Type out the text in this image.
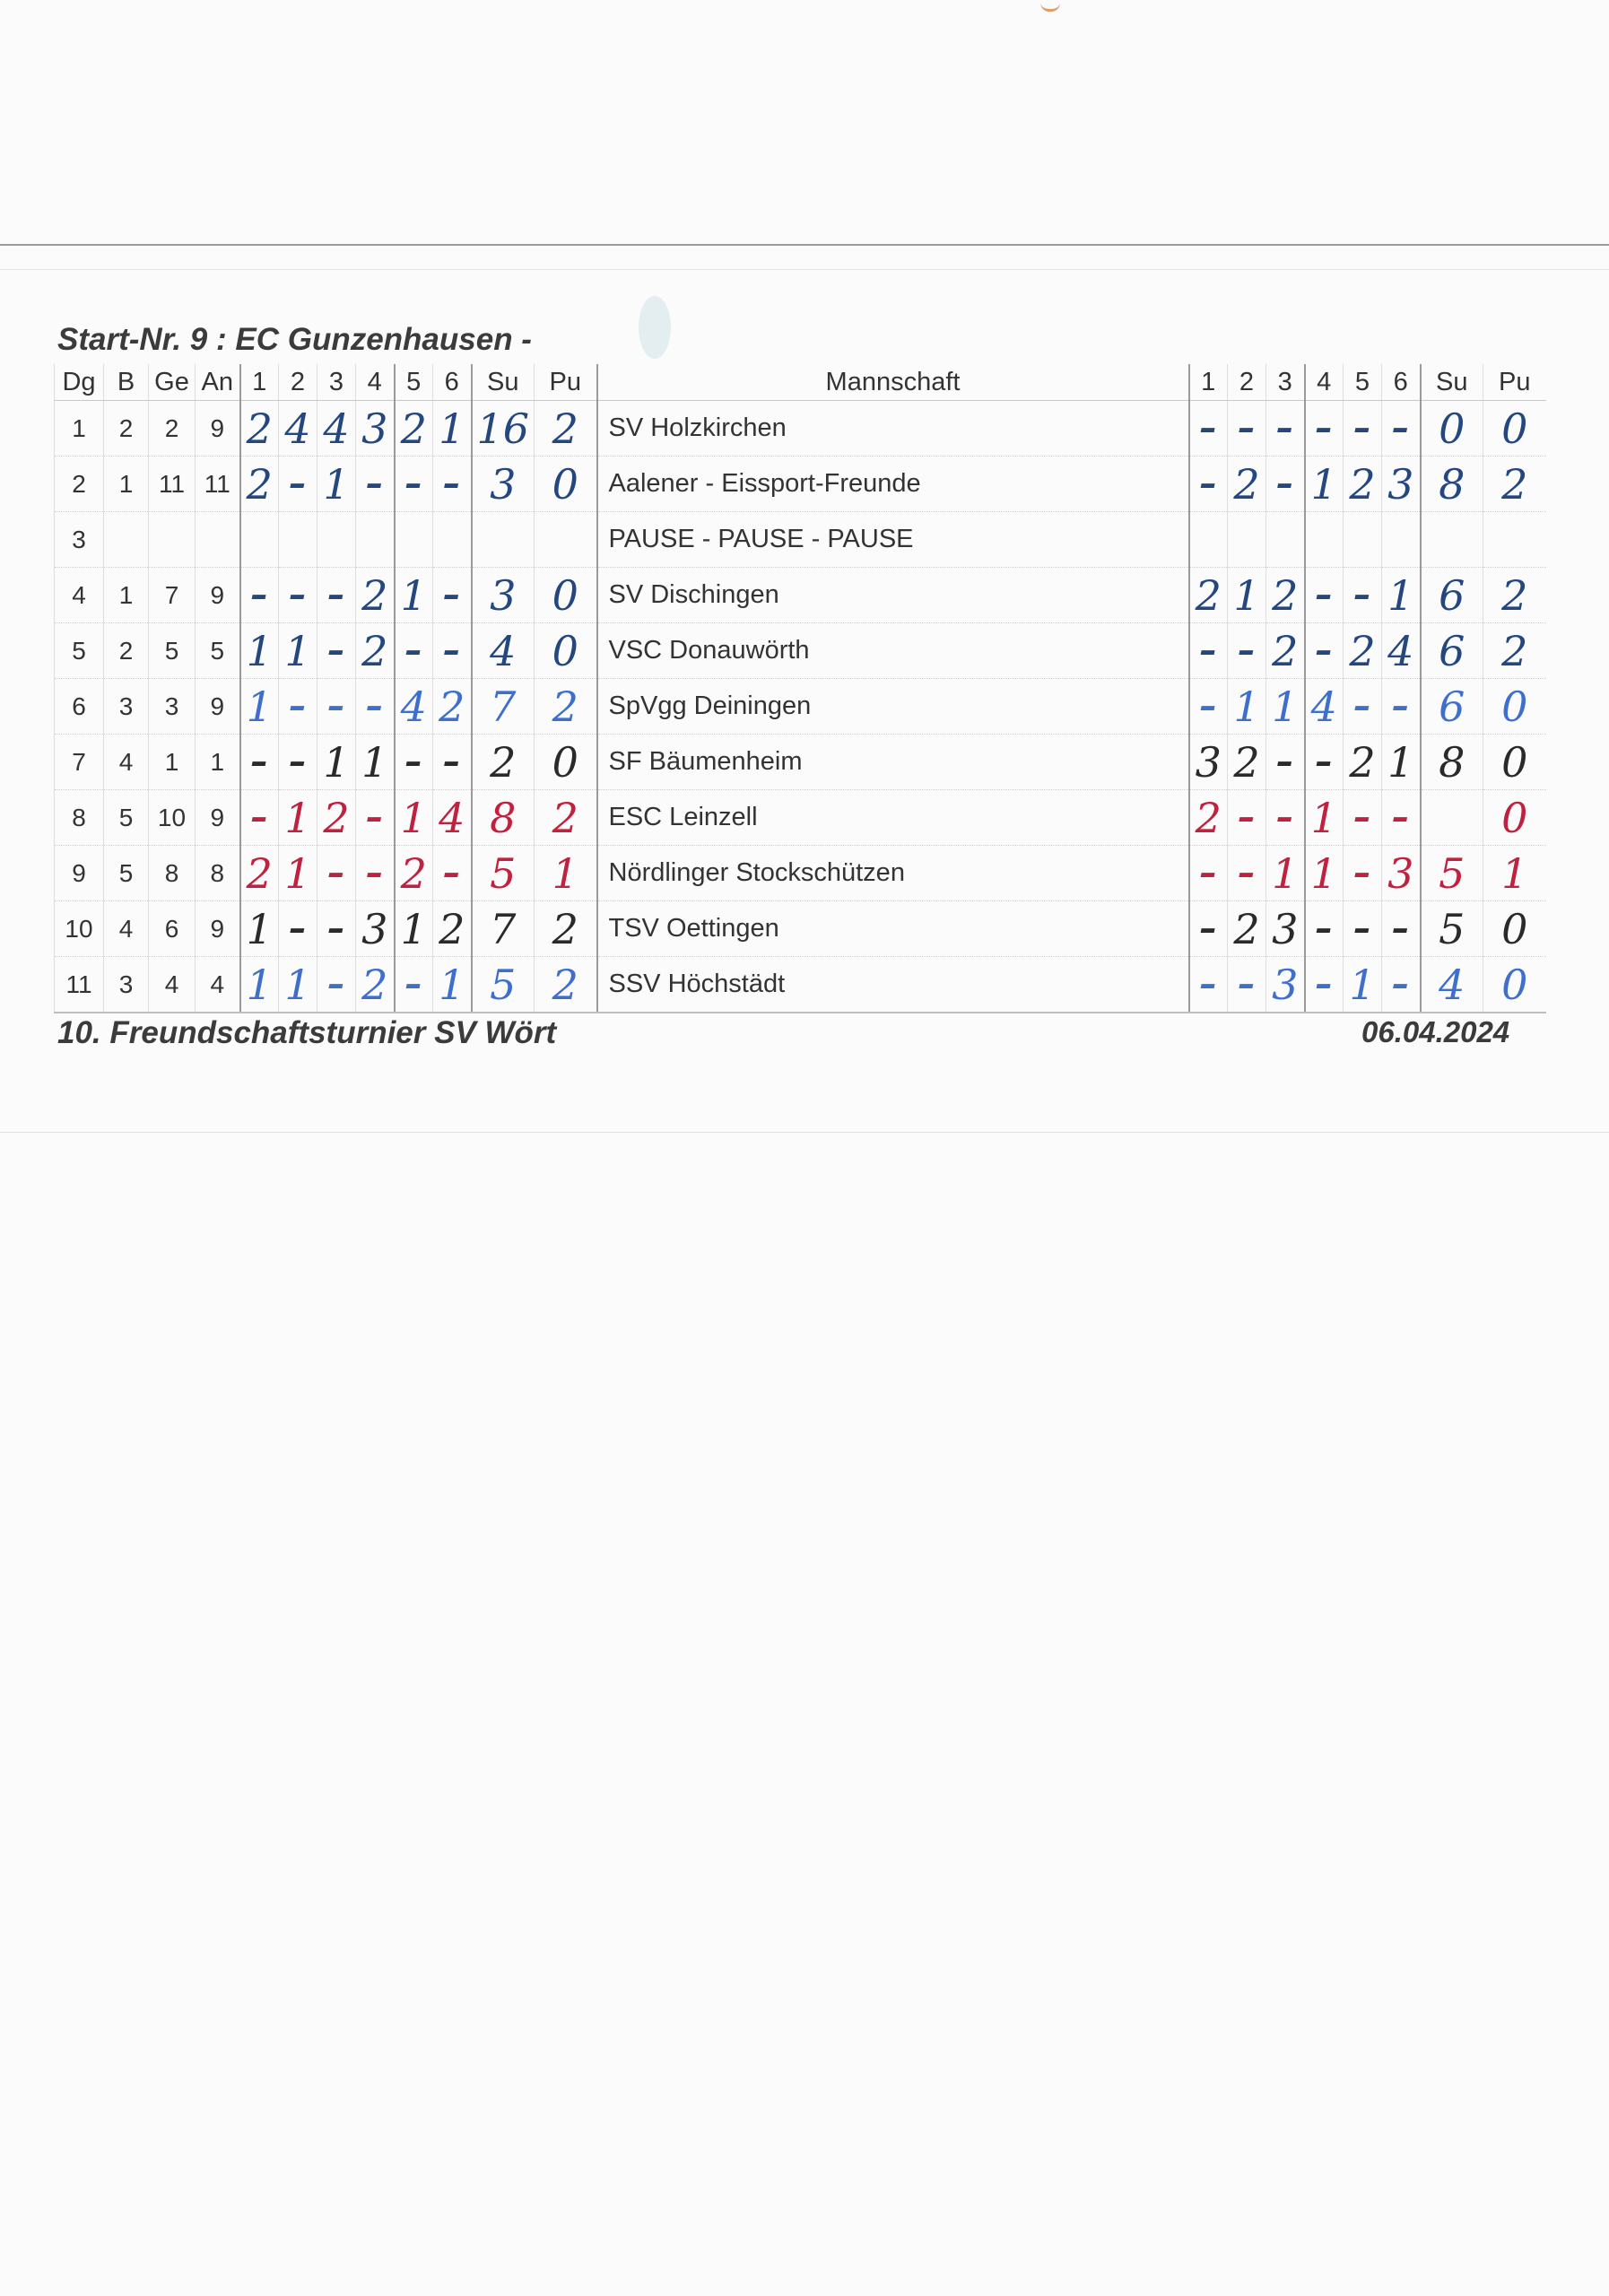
Start-Nr. 9 : EC Gunzenhausen -
Dg	B	Ge	An	1	2	3	4	5	6	Su	Pu	Mannschaft	1	2	3	4	5	6	Su	Pu
1	2	2	9	2	4	4	3	2	1	16	2	SV Holzkirchen	–	–	–	–	–	–	0	0
2	1	11	11	2	–	1	–	–	–	3	0	Aalener - Eissport-Freunde	–	2	–	1	2	3	8	2
3												PAUSE - PAUSE - PAUSE								
4	1	7	9	–	–	–	2	1	–	3	0	SV Dischingen	2	1	2	–	–	1	6	2
5	2	5	5	1	1	–	2	–	–	4	0	VSC Donauwörth	–	–	2	–	2	4	6	2
6	3	3	9	1	–	–	–	4	2	7	2	SpVgg Deiningen	–	1	1	4	–	–	6	0
7	4	1	1	–	–	1	1	–	–	2	0	SF Bäumenheim	3	2	–	–	2	1	8	0
8	5	10	9	–	1	2	–	1	4	8	2	ESC Leinzell	2	–	–	1	–	–		0
9	5	8	8	2	1	–	–	2	–	5	1	Nördlinger Stockschützen	–	–	1	1	–	3	5	1
10	4	6	9	1	–	–	3	1	2	7	2	TSV Oettingen	–	2	3	–	–	–	5	0
11	3	4	4	1	1	–	2	–	1	5	2	SSV Höchstädt	–	–	3	–	1	–	4	0
10. Freundschaftsturnier SV Wört	06.04.2024
